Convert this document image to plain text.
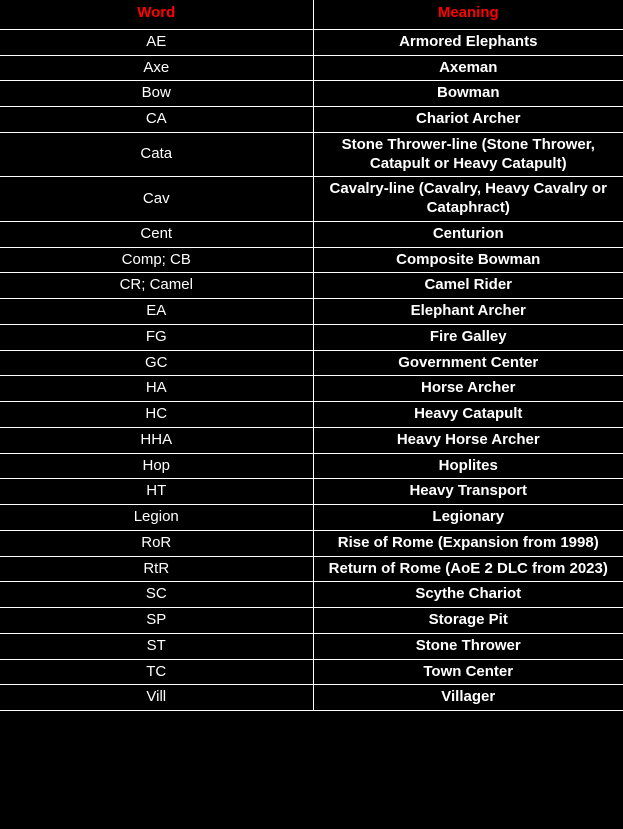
Word	Meaning
AE	Armored Elephants
Axe	Axeman
Bow	Bowman
CA	Chariot Archer
Cata	Stone Thrower-line (Stone Thrower, Catapult or Heavy Catapult)
Cav	Cavalry-line (Cavalry, Heavy Cavalry or Cataphract)
Cent	Centurion
Comp; CB	Composite Bowman
CR; Camel	Camel Rider
EA	Elephant Archer
FG	Fire Galley
GC	Government Center
HA	Horse Archer
HC	Heavy Catapult
HHA	Heavy Horse Archer
Hop	Hoplites
HT	Heavy Transport
Legion	Legionary
RoR	Rise of Rome (Expansion from 1998)
RtR	Return of Rome (AoE 2 DLC from 2023)
SC	Scythe Chariot
SP	Storage Pit
ST	Stone Thrower
TC	Town Center
Vill	Villager
